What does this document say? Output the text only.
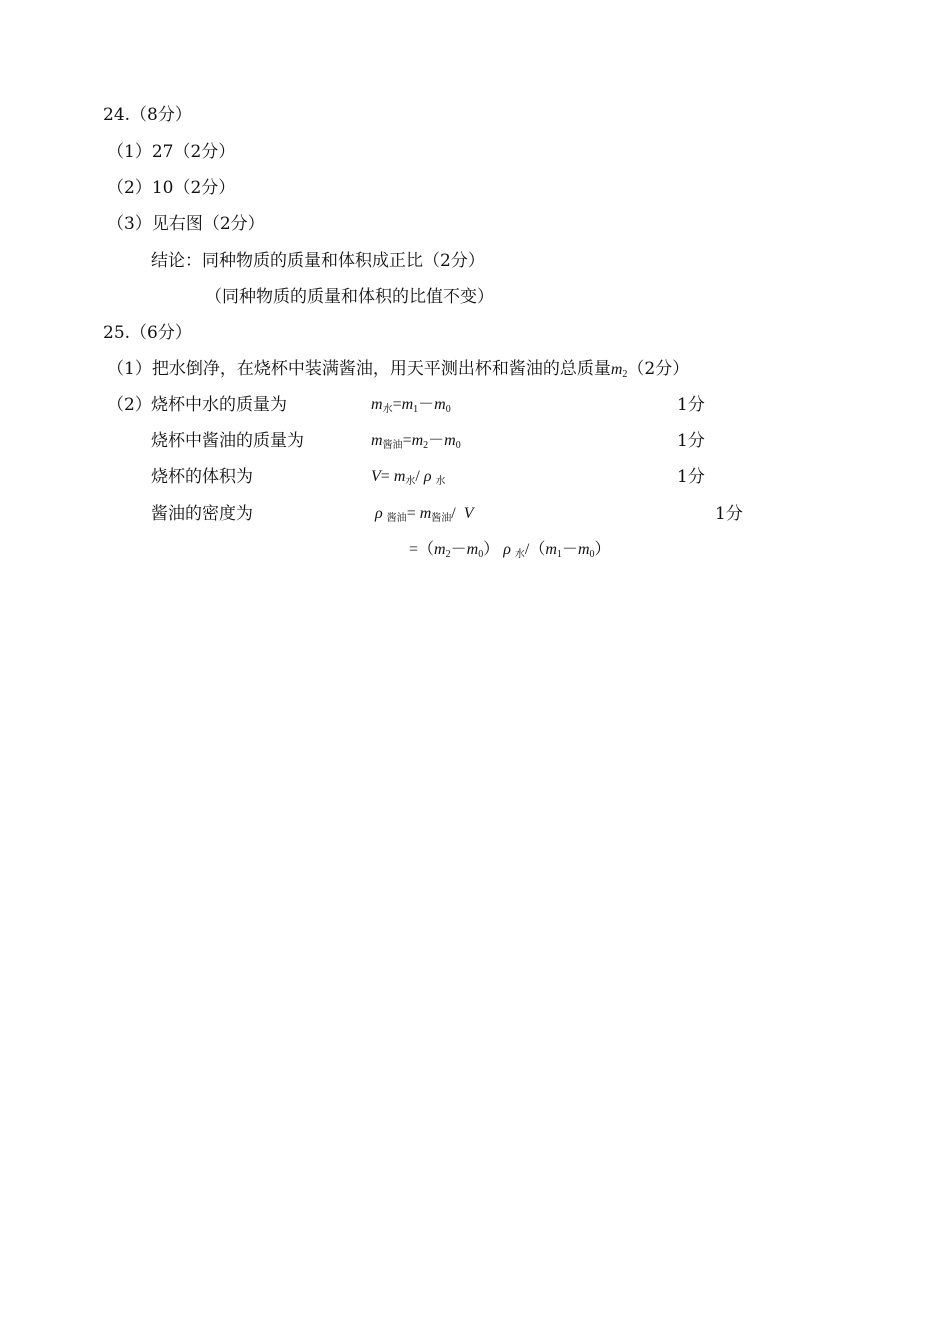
24.（8分）
（1）27（2分）
（2）10（2分）
（3）见右图（2分）
结论：同种物质的质量和体积成正比（2分）
（同种物质的质量和体积的比值不变）
25.（6分）
（1）把水倒净，在烧杯中装满酱油，用天平测出杯和酱油的总质量$m_2(2$分）
（2） 烧杯中水的质量为	$m_水=m_1-m_0$	1分
烧杯中酱油的质量为	$m_{酱油}=m_2-m_0$	1分
烧杯的体积为	$V= m_水/$ ρ $_水$	1分
酱油的密度为	ρ $_{酱油}= m_{酱油}/$ V	1分
$=(m_2-m_0)$ ρ $_水/(m_1-m_0)$
